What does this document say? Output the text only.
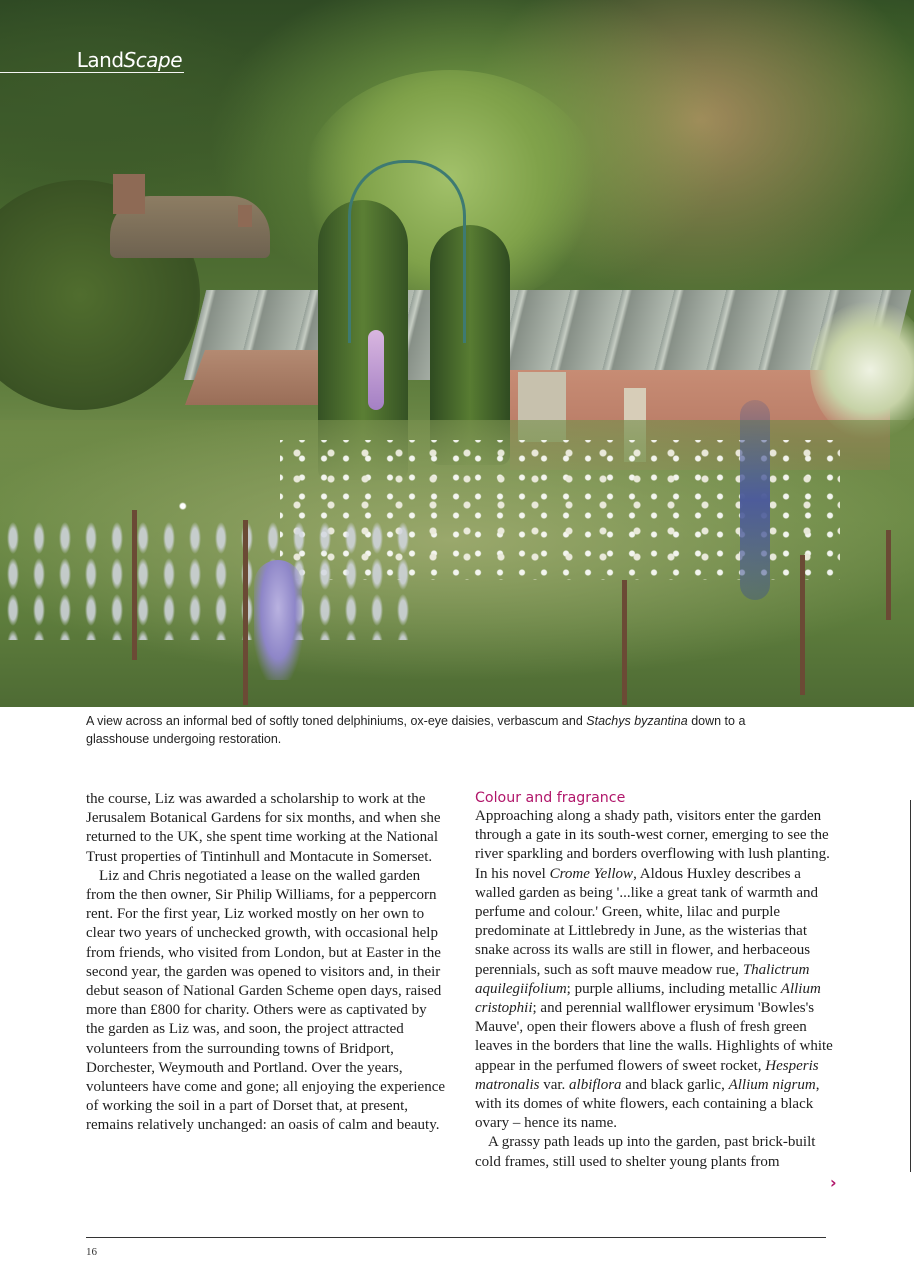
LandScape

A view across an informal bed of softly toned delphiniums, ox-eye daisies, verbascum and Stachys byzantina down to a glasshouse undergoing restoration.

the course, Liz was awarded a scholarship to work at the Jerusalem Botanical Gardens for six months, and when she returned to the UK, she spent time working at the National Trust properties of Tintinhull and Montacute in Somerset.

Liz and Chris negotiated a lease on the walled garden from the then owner, Sir Philip Williams, for a peppercorn rent. For the first year, Liz worked mostly on her own to clear two years of unchecked growth, with occasional help from friends, who visited from London, but at Easter in the second year, the garden was opened to visitors and, in their debut season of National Garden Scheme open days, raised more than £800 for charity. Others were as captivated by the garden as Liz was, and soon, the project attracted volunteers from the surrounding towns of Bridport, Dorchester, Weymouth and Portland. Over the years, volunteers have come and gone; all enjoying the experience of working the soil in a part of Dorset that, at present, remains relatively unchanged: an oasis of calm and beauty.

Colour and fragrance

Approaching along a shady path, visitors enter the garden through a gate in its south-west corner, emerging to see the river sparkling and borders overflowing with lush planting. In his novel Crome Yellow, Aldous Huxley describes a walled garden as being '...like a great tank of warmth and perfume and colour.' Green, white, lilac and purple predominate at Littlebredy in June, as the wisterias that snake across its walls are still in flower, and herbaceous perennials, such as soft mauve meadow rue, Thalictrum aquilegiifolium; purple alliums, including metallic Allium cristophii; and perennial wallflower erysimum 'Bowles's Mauve', open their flowers above a flush of fresh green leaves in the borders that line the walls. Highlights of white appear in the perfumed flowers of sweet rocket, Hesperis matronalis var. albiflora and black garlic, Allium nigrum, with its domes of white flowers, each containing a black ovary – hence its name.

A grassy path leads up into the garden, past brick-built cold frames, still used to shelter young plants from

›
16
